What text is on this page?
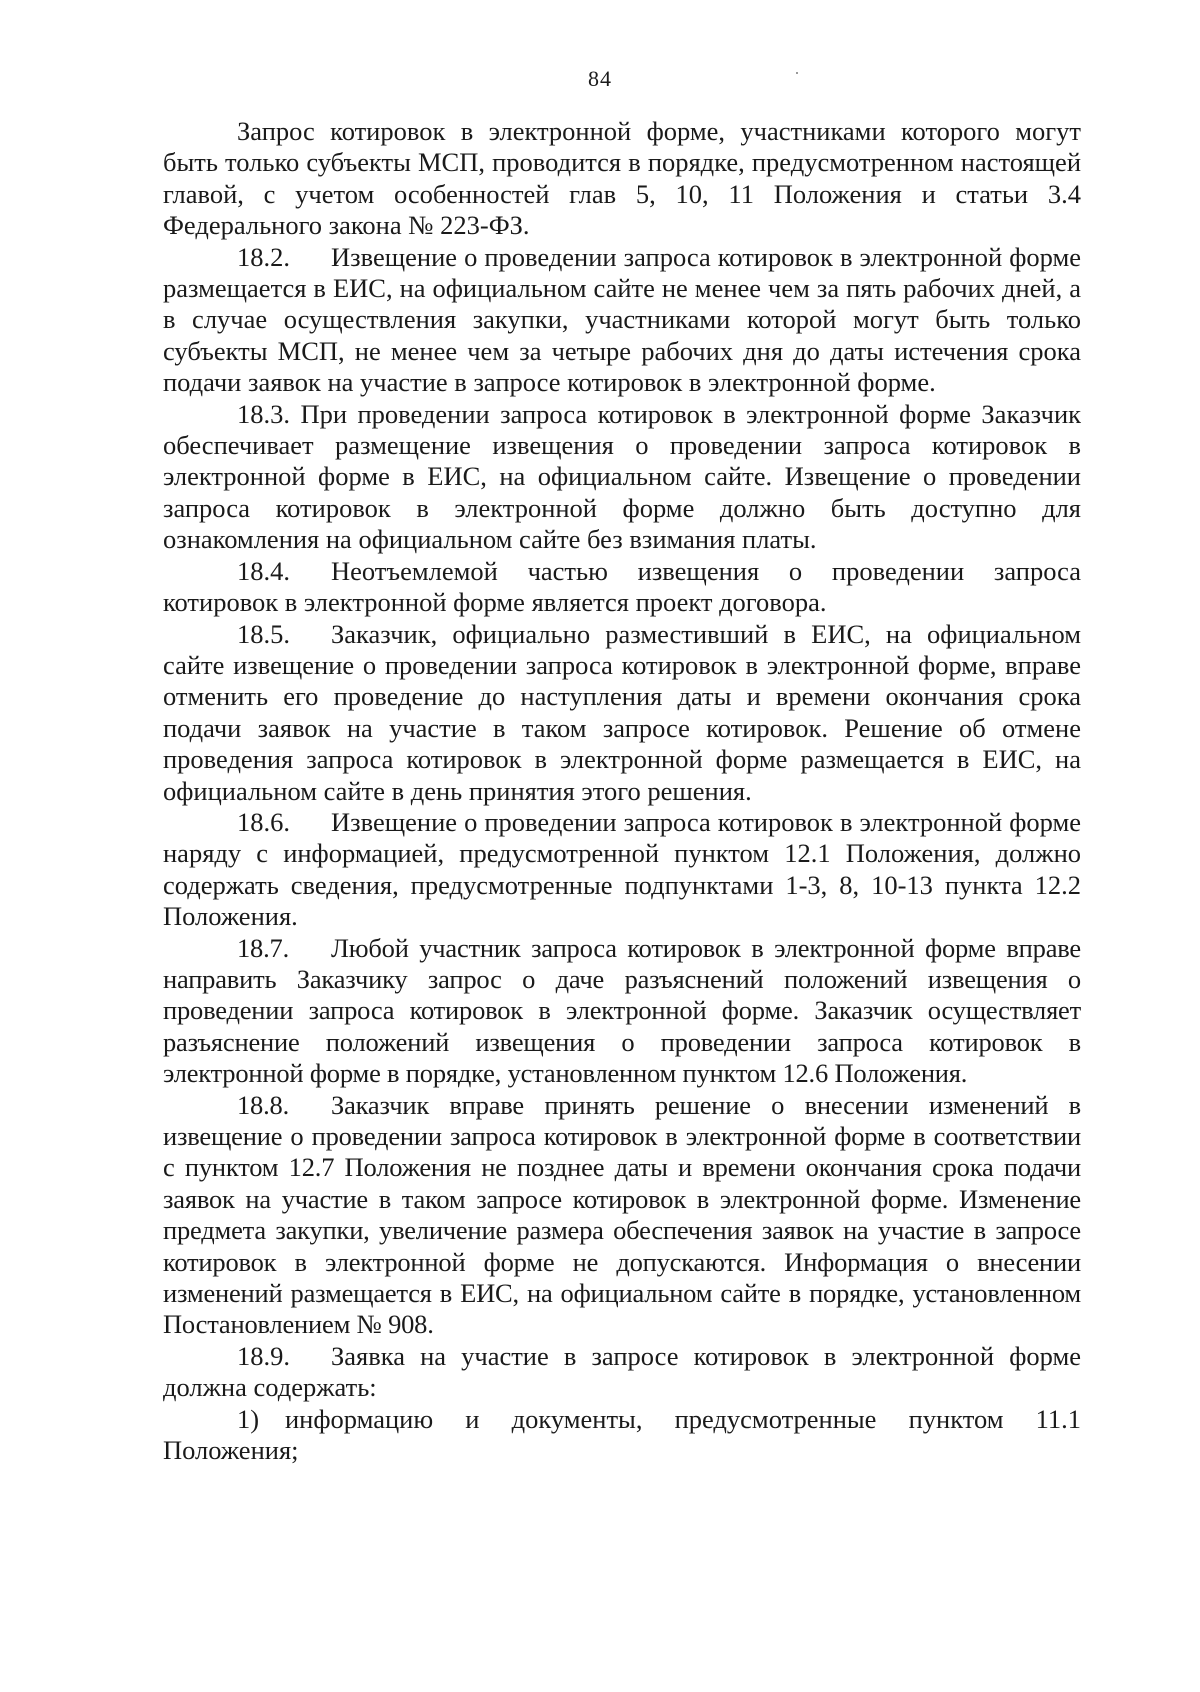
84

Запрос котировок в электронной форме, участниками которого могут быть только субъекты МСП, проводится в порядке, предусмотренном настоящей главой, с учетом особенностей глав 5, 10, 11 Положения и статьи 3.4 Федерального закона № 223-ФЗ.

18.2. Извещение о проведении запроса котировок в электронной форме размещается в ЕИС, на официальном сайте не менее чем за пять рабочих дней, а в случае осуществления закупки, участниками которой могут быть только субъекты МСП, не менее чем за четыре рабочих дня до даты истечения срока подачи заявок на участие в запросе котировок в электронной форме.

18.3. При проведении запроса котировок в электронной форме Заказчик обеспечивает размещение извещения о проведении запроса котировок в электронной форме в ЕИС, на официальном сайте. Извещение о проведении запроса котировок в электронной форме должно быть доступно для ознакомления на официальном сайте без взимания платы.

18.4. Неотъемлемой частью извещения о проведении запроса котировок в электронной форме является проект договора.

18.5. Заказчик, официально разместивший в ЕИС, на официальном сайте извещение о проведении запроса котировок в электронной форме, вправе отменить его проведение до наступления даты и времени окончания срока подачи заявок на участие в таком запросе котировок. Решение об отмене проведения запроса котировок в электронной форме размещается в ЕИС, на официальном сайте в день принятия этого решения.

18.6. Извещение о проведении запроса котировок в электронной форме наряду с информацией, предусмотренной пунктом 12.1 Положения, должно содержать сведения, предусмотренные подпунктами 1-3, 8, 10-13 пункта 12.2 Положения.

18.7. Любой участник запроса котировок в электронной форме вправе направить Заказчику запрос о даче разъяснений положений извещения о проведении запроса котировок в электронной форме. Заказчик осуществляет разъяснение положений извещения о проведении запроса котировок в электронной форме в порядке, установленном пунктом 12.6 Положения.

18.8. Заказчик вправе принять решение о внесении изменений в извещение о проведении запроса котировок в электронной форме в соответствии с пунктом 12.7 Положения не позднее даты и времени окончания срока подачи заявок на участие в таком запросе котировок в электронной форме. Изменение предмета закупки, увеличение размера обеспечения заявок на участие в запросе котировок в электронной форме не допускаются. Информация о внесении изменений размещается в ЕИС, на официальном сайте в порядке, установленном Постановлением № 908.

18.9. Заявка на участие в запросе котировок в электронной форме должна содержать:

1) информацию и документы, предусмотренные пунктом 11.1 Положения;
